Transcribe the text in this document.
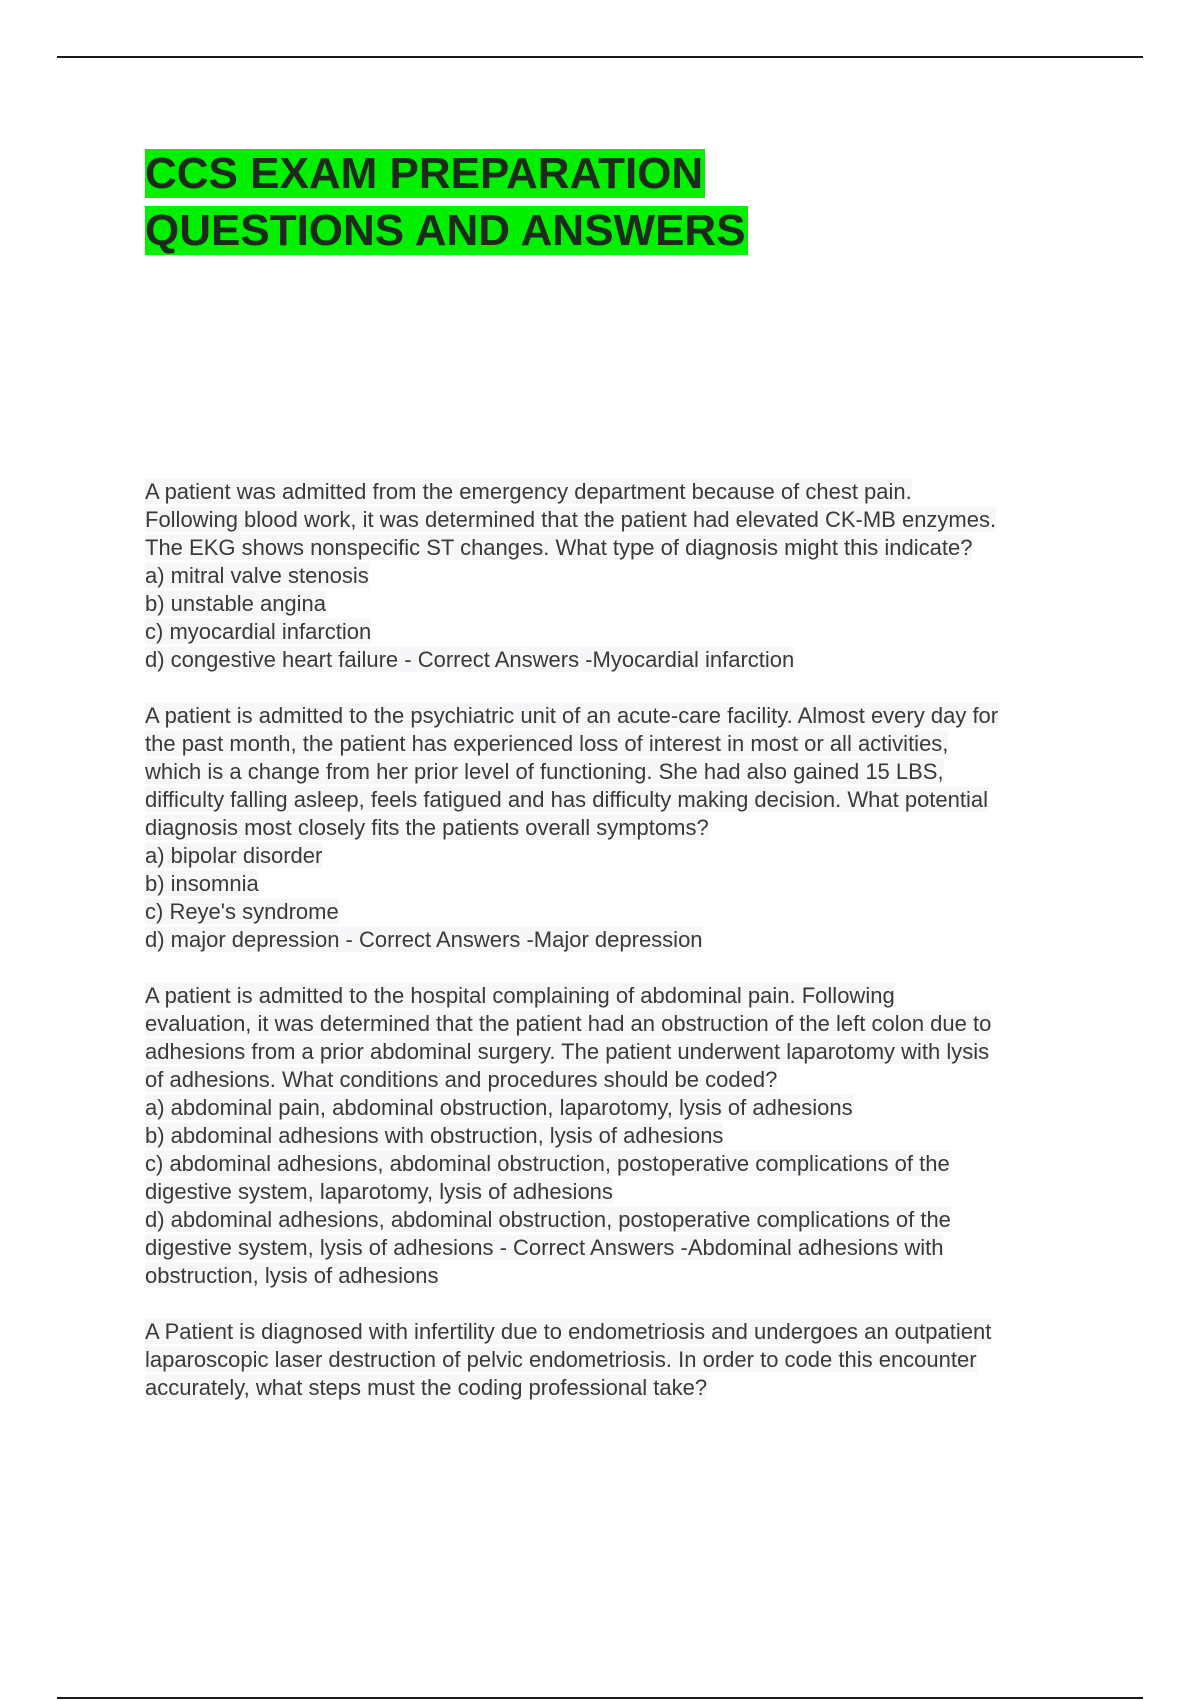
CCS EXAM PREPARATION
QUESTIONS AND ANSWERS
A patient was admitted from the emergency department because of chest pain.
Following blood work, it was determined that the patient had elevated CK-MB enzymes.
The EKG shows nonspecific ST changes. What type of diagnosis might this indicate?
a) mitral valve stenosis
b) unstable angina
c) myocardial infarction
d) congestive heart failure - Correct Answers -Myocardial infarction
A patient is admitted to the psychiatric unit of an acute-care facility. Almost every day for
the past month, the patient has experienced loss of interest in most or all activities,
which is a change from her prior level of functioning. She had also gained 15 LBS,
difficulty falling asleep, feels fatigued and has difficulty making decision. What potential
diagnosis most closely fits the patients overall symptoms?
a) bipolar disorder
b) insomnia
c) Reye's syndrome
d) major depression - Correct Answers -Major depression
A patient is admitted to the hospital complaining of abdominal pain. Following
evaluation, it was determined that the patient had an obstruction of the left colon due to
adhesions from a prior abdominal surgery. The patient underwent laparotomy with lysis
of adhesions. What conditions and procedures should be coded?
a) abdominal pain, abdominal obstruction, laparotomy, lysis of adhesions
b) abdominal adhesions with obstruction, lysis of adhesions
c) abdominal adhesions, abdominal obstruction, postoperative complications of the
digestive system, laparotomy, lysis of adhesions
d) abdominal adhesions, abdominal obstruction, postoperative complications of the
digestive system, lysis of adhesions - Correct Answers -Abdominal adhesions with
obstruction, lysis of adhesions
A Patient is diagnosed with infertility due to endometriosis and undergoes an outpatient
laparoscopic laser destruction of pelvic endometriosis. In order to code this encounter
accurately, what steps must the coding professional take?
